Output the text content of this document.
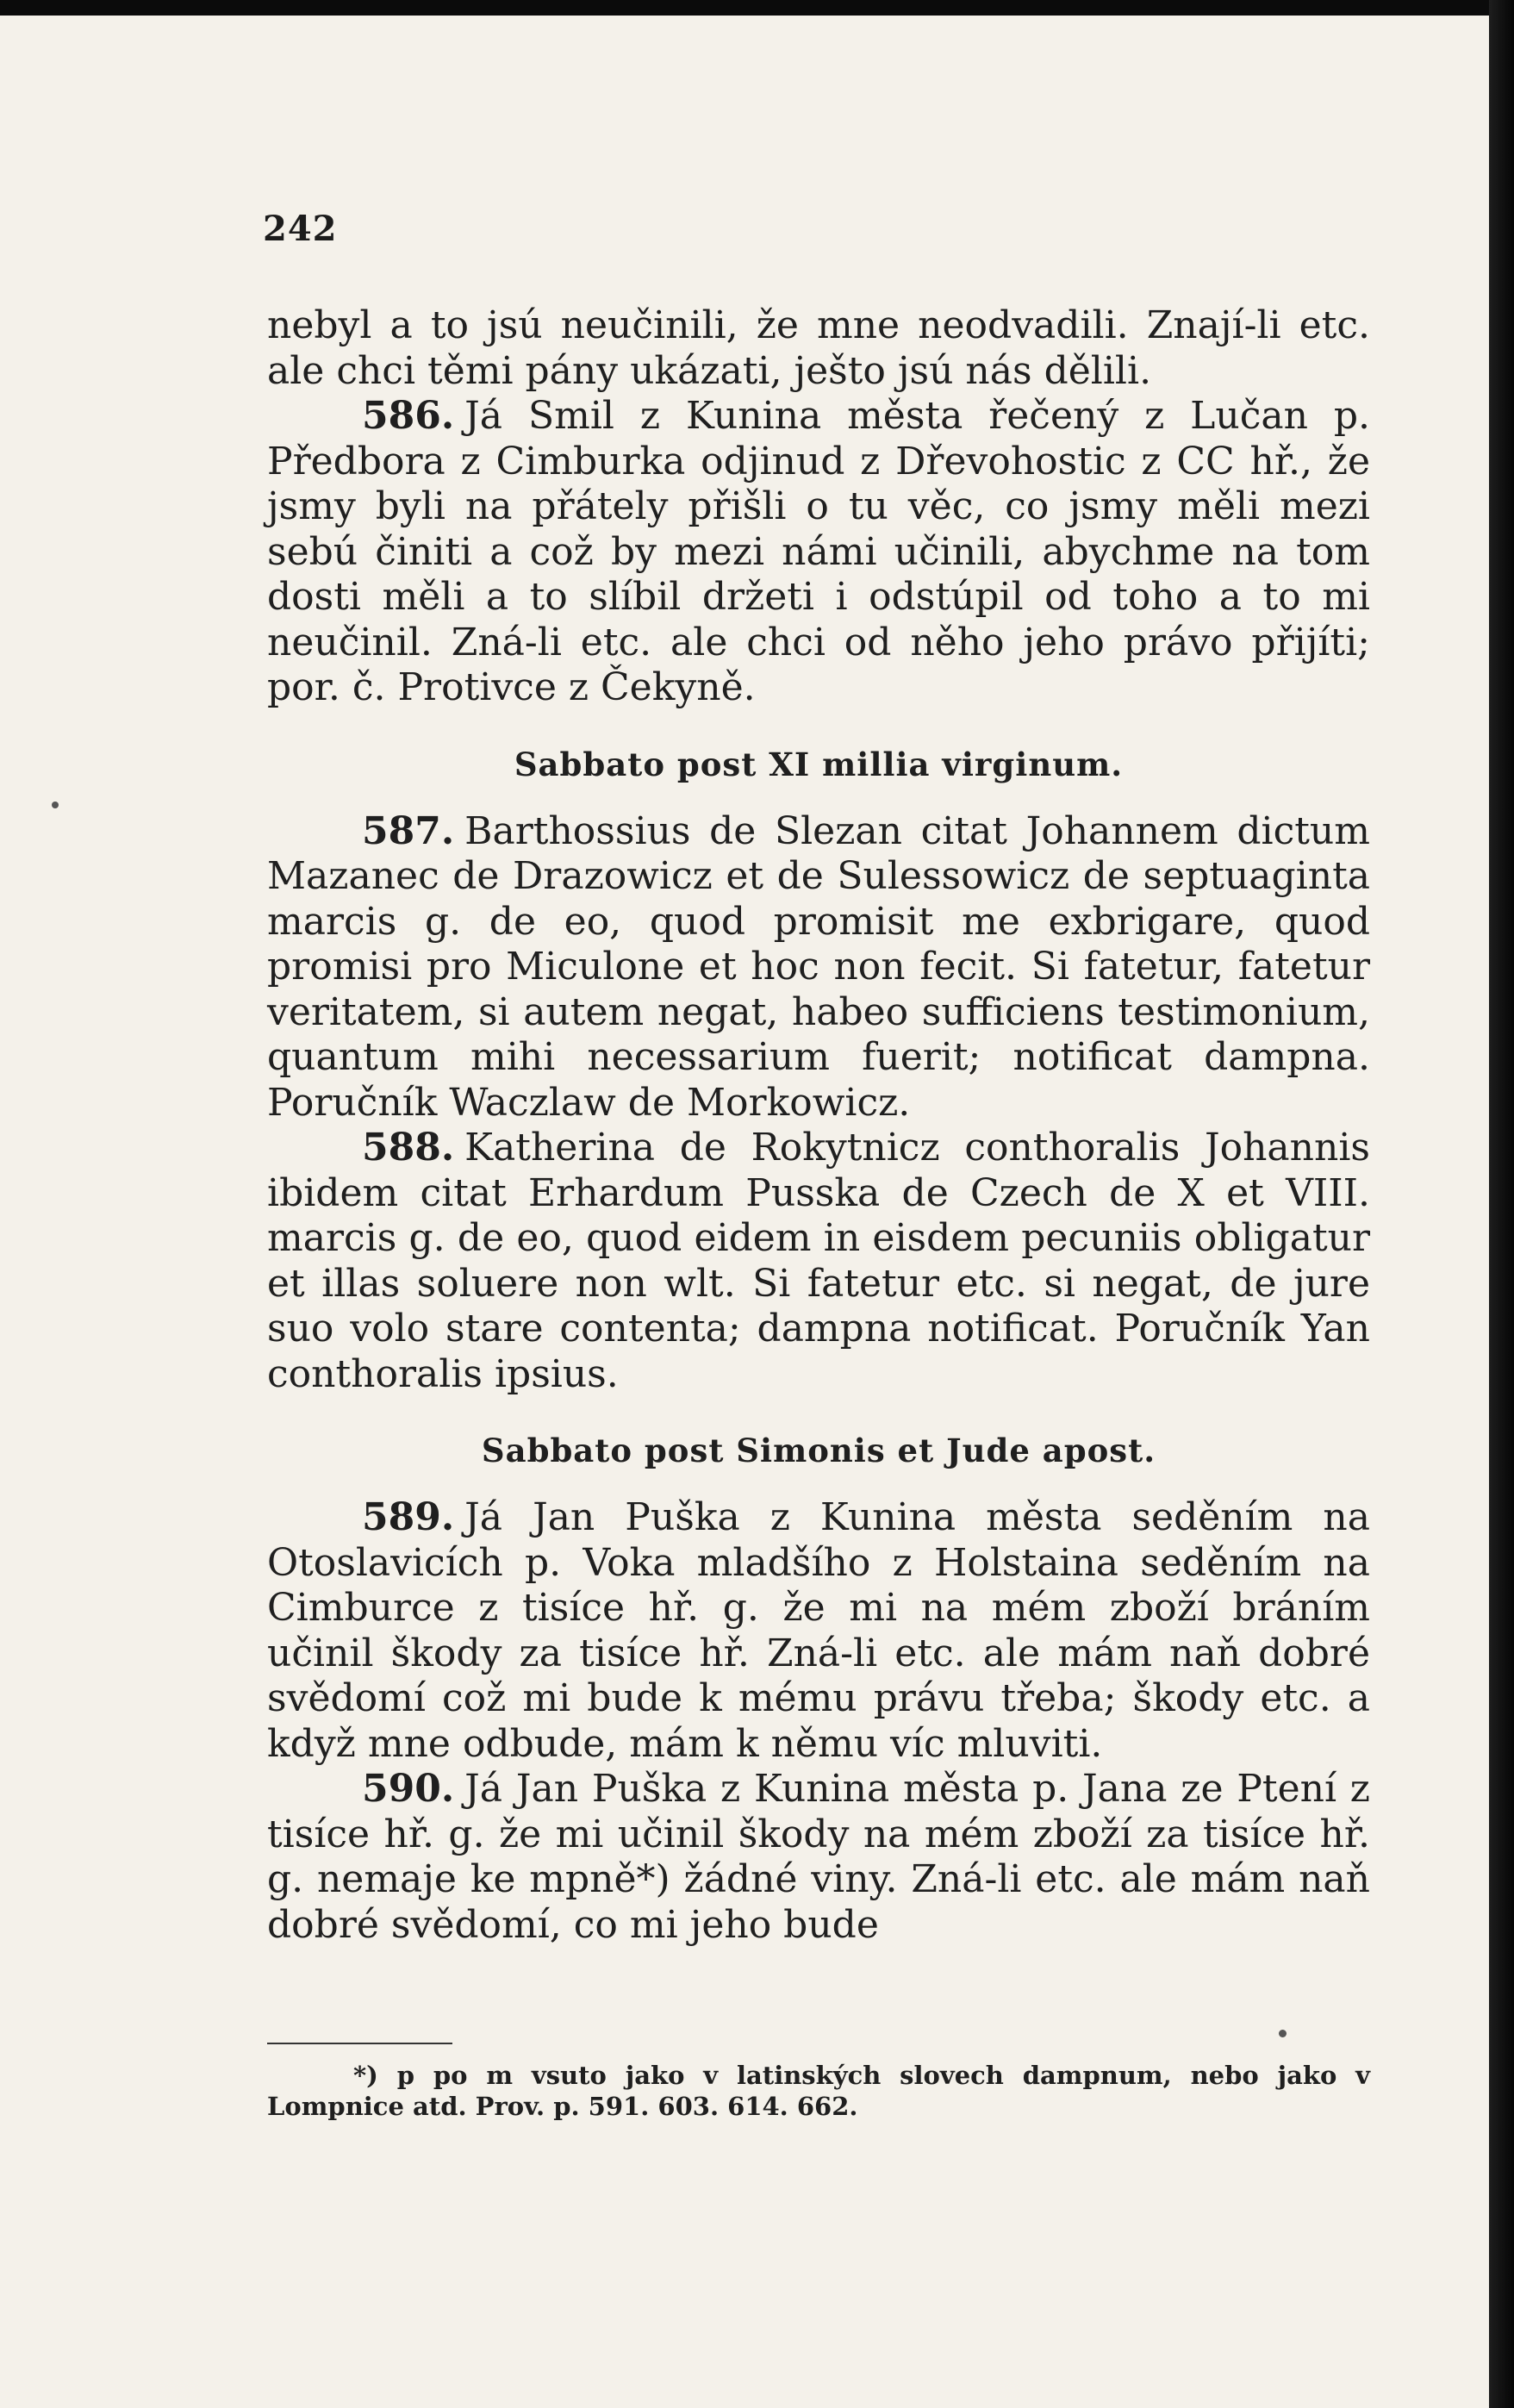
242

nebyl a to jsú neučinili, že mne neodvadili. Znají-li etc. ale chci těmi pány ukázati, ješto jsú nás dělili.

586. Já Smil z Kunina města řečený z Lučan p. Předbora z Cimburka odjinud z Dřevohostic z CC hř., že jsmy byli na přátely přišli o tu věc, co jsmy měli mezi sebú činiti a což by mezi námi učinili, abychme na tom dosti měli a to slíbil držeti i odstúpil od toho a to mi neučinil. Zná-li etc. ale chci od něho jeho právo přijíti; por. č. Protivce z Čekyně.

Sabbato post XI millia virginum.

587. Barthossius de Slezan citat Johannem dictum Mazanec de Drazowicz et de Sulessowicz de septuaginta marcis g. de eo, quod promisit me exbrigare, quod promisi pro Miculone et hoc non fecit. Si fatetur, fatetur veritatem, si autem negat, habeo sufficiens testimonium, quantum mihi necessarium fuerit; notificat dampna. Poručník Waczlaw de Morkowicz.

588. Katherina de Rokytnicz conthoralis Johannis ibidem citat Erhardum Pusska de Czech de X et VIII. marcis g. de eo, quod eidem in eisdem pecuniis obligatur et illas soluere non wlt. Si fatetur etc. si negat, de jure suo volo stare contenta; dampna notificat. Poručník Yan conthoralis ipsius.

Sabbato post Simonis et Jude apost.

589. Já Jan Puška z Kunina města seděním na Otoslavicích p. Voka mladšího z Holstaina seděním na Cimburce z tisíce hř. g. že mi na mém zboží bráním učinil škody za tisíce hř. Zná-li etc. ale mám naň dobré svědomí což mi bude k mému právu třeba; škody etc. a když mne odbude, mám k němu víc mluviti.

590. Já Jan Puška z Kunina města p. Jana ze Ptení z tisíce hř. g. že mi učinil škody na mém zboží za tisíce hř. g. nemaje ke mpně*) žádné viny. Zná-li etc. ale mám naň dobré svědomí, co mi jeho bude

*) p po m vsuto jako v latinských slovech dampnum, nebo jako v Lompnice atd. Prov. p. 591. 603. 614. 662.
